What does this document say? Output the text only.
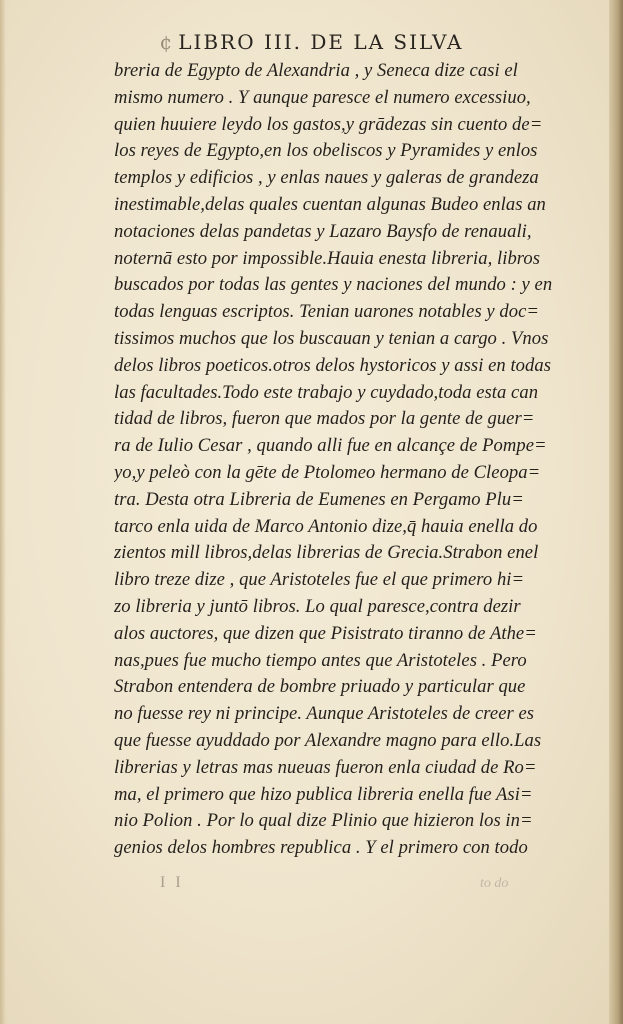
¢ LIBRO III. DE LA SILVA
breria de Egypto de Alexandria , y Seneca dize casi el
mismo numero . Y aunque paresce el numero excessiuo,
quien huuiere leydo los gastos,y grādezas sin cuento de=
los reyes de Egypto,en los obeliscos y Pyramides y enlos
templos y edificios , y enlas naues y galeras de grandeza
inestimable,delas quales cuentan algunas Budeo enlas an
notaciones delas pandetas y Lazaro Baysfo de renauali,
noternā esto por impossible.Hauia enesta libreria, libros
buscados por todas las gentes y naciones del mundo : y en
todas lenguas escriptos. Tenian uarones notables y doc=
tissimos muchos que los buscauan y tenian a cargo . Vnos
delos libros poeticos.otros delos hystoricos y assi en todas
las facultades.Todo este trabajo y cuydado,toda esta can
tidad de libros, fueron que mados por la gente de guer=
ra de Iulio Cesar , quando alli fue en alcançe de Pompe=
yo,y peleò con la gēte de Ptolomeo hermano de Cleopa=
tra. Desta otra Libreria de Eumenes en Pergamo Plu=
tarco enla uida de Marco Antonio dize,q̄ hauia enella do
zientos mill libros,delas librerias de Grecia.Strabon enel
libro treze dize , que Aristoteles fue el que primero hi=
zo libreria y juntō libros. Lo qual paresce,contra dezir
alos auctores, que dizen que Pisistrato tiranno de Athe=
nas,pues fue mucho tiempo antes que Aristoteles . Pero
Strabon entendera de bombre priuado y particular que
no fuesse rey ni principe. Aunque Aristoteles de creer es
que fuesse ayuddado por Alexandre magno para ello.Las
librerias y letras mas nueuas fueron enla ciudad de Ro=
ma, el primero que hizo publica libreria enella fue Asi=
nio Polion . Por lo qual dize Plinio que hizieron los in=
genios delos hombres republica . Y el primero con todo
I I	to do
